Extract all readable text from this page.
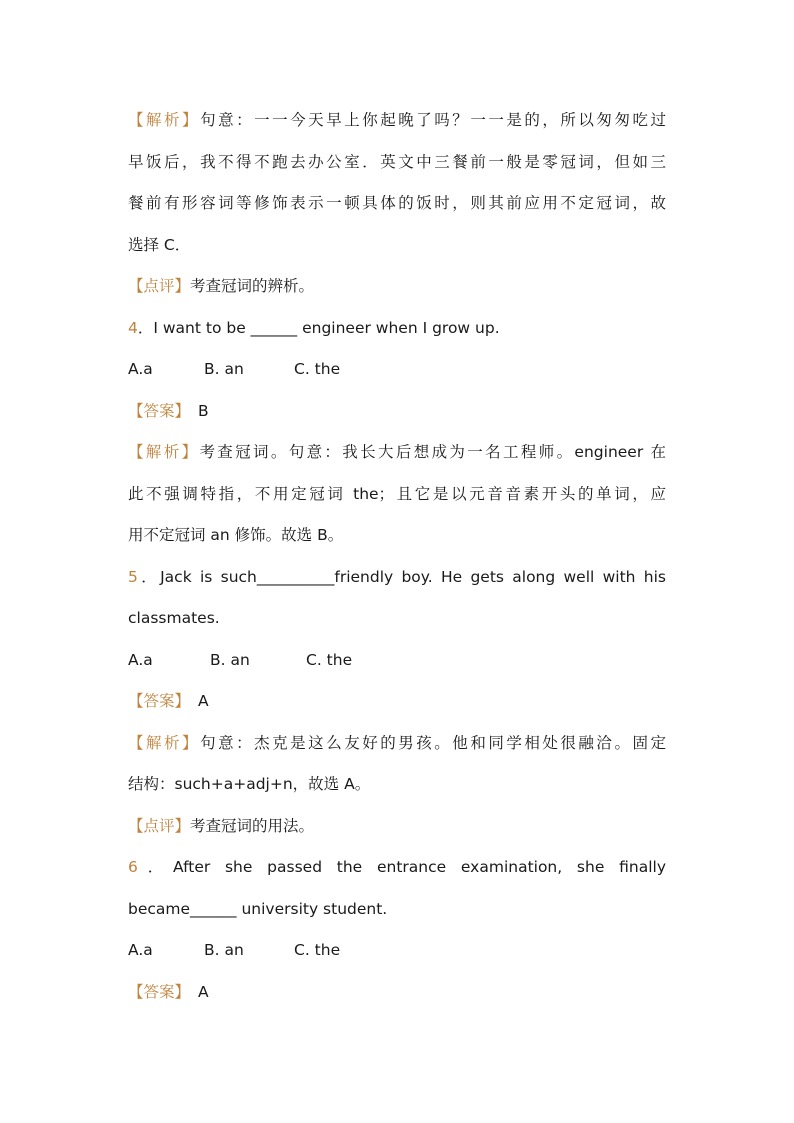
【解析】句意：一一今天早上你起晚了吗？一一是的，所以匆匆吃过
早饭后，我不得不跑去办公室．英文中三餐前一般是零冠词，但如三
餐前有形容词等修饰表示一顿具体的饭时，则其前应用不定冠词，故
选择 C．
【点评】考查冠词的辨析。
4．I want to be ______ engineer when I grow up.
A.a	B. an	C. the
【答案】 B
【解析】考查冠词。句意：我长大后想成为一名工程师。engineer 在
此不强调特指，不用定冠词 the；且它是以元音音素开头的单词，应
用不定冠词 an 修饰。故选 B。
5．Jack is such__________friendly boy. He gets along well with his
classmates.
A.a	B. an	C. the
【答案】 A
【解析】句意：杰克是这么友好的男孩。他和同学相处很融洽。固定
结构：such+a+adj+n，故选 A。
【点评】考查冠词的用法。
6．After she passed the entrance examination, she finally
became______ university student.
A.a	B. an	C. the
【答案】 A
